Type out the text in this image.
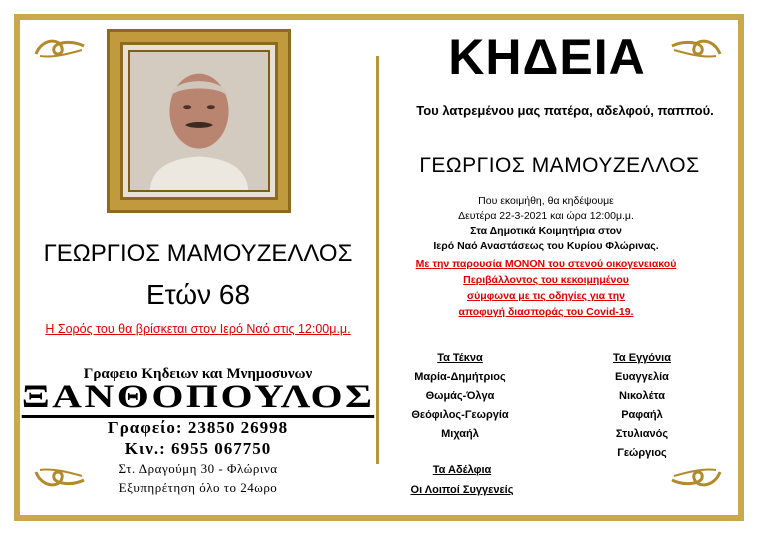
ΓΕΩΡΓΙΟΣ ΜΑΜΟΥΖΕΛΛΟΣ
Ετών 68
Η Σορός του θα βρίσκεται στον Ιερό Ναό στις 12:00μ.μ.
Γραφειο Κηδειων και Μνημοσυνων
ΞΑΝΘΟΠΟΥΛΟΣ
Γραφείο: 23850 26998
Κιν.: 6955 067750
Στ. Δραγούμη 30 - Φλώρινα
Εξυπηρέτηση όλο το 24ωρο
ΚΗΔΕΙΑ
Του λατρεμένου μας πατέρα, αδελφού, παππού.
ΓΕΩΡΓΙΟΣ ΜΑΜΟΥΖΕΛΛΟΣ
Που εκοιμήθη, θα κηδέψουμε
Δευτέρα 22-3-2021 και ώρα 12:00μ.μ.
Στα Δημοτικά Κοιμητήρια στον
Ιερό Ναό Αναστάσεως του Κυρίου Φλώρινας.
Με την παρουσία ΜΟΝΟΝ του στενού οικογενειακού
Περιβάλλοντος του κεκοιμημένου
σύμφωνα με τις οδηγίες για την
αποφυγή διασποράς του Covid-19.
Τα Τέκνα
Μαρία-Δημήτριος
Θωμάς-Όλγα
Θεόφιλος-Γεωργία
Μιχαήλ
Τα Εγγόνια
Ευαγγελία
Νικολέτα
Ραφαήλ
Στυλιανός
Γεώργιος
Τα Αδέλφια
Οι Λοιποί Συγγενείς
